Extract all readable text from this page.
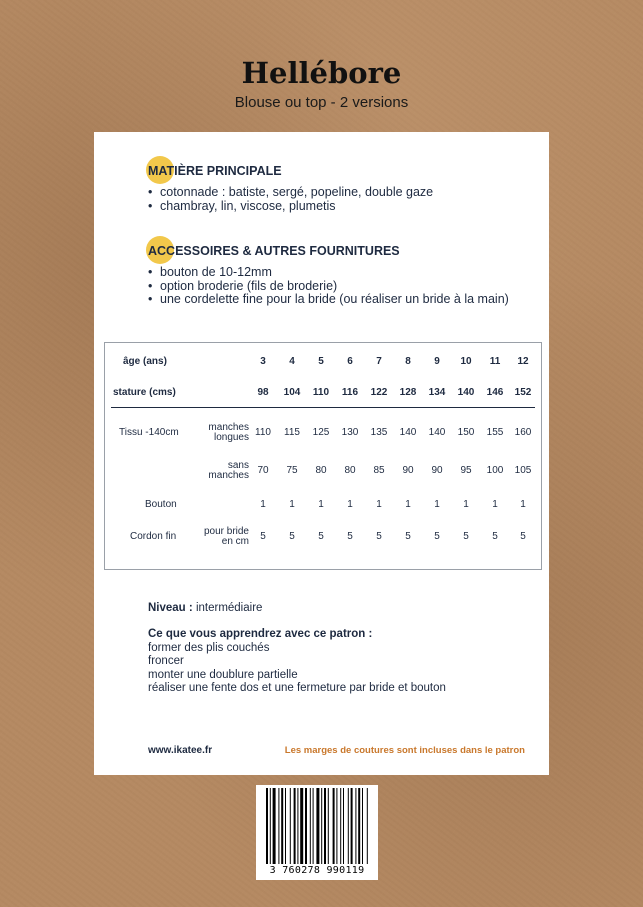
Hellébore
Blouse ou top - 2 versions
MATIÈRE PRINCIPALE
• cotonnade : batiste, sergé, popeline, double gaze
• chambray, lin, viscose, plumetis
ACCESSOIRES & AUTRES FOURNITURES
• bouton de 10-12mm
• option broderie (fils de broderie)
• une cordelette fine pour la bride (ou réaliser un bride à la main)
âge (ans)	3	4	5	6	7	8	9	10	11	12
stature (cms)	98	104	110	116	122	128	134	140	146	152
Tissu -140cm	manches longues 110	115	125	130	135	140	140	150	155	160
sans manches 70	75	80	80	85	90	90	95	100	105
Bouton	1	1	1	1	1	1	1	1	1	1
Cordon fin	pour bride en cm	5	5	5	5	5	5	5	5	5	5
Niveau : intermédiaire
Ce que vous apprendrez avec ce patron :
former des plis couchés
froncer
monter une doublure partielle
réaliser une fente dos et une fermeture par bride et bouton
www.ikatee.fr	Les marges de coutures sont incluses dans le patron
3 760278 990119
